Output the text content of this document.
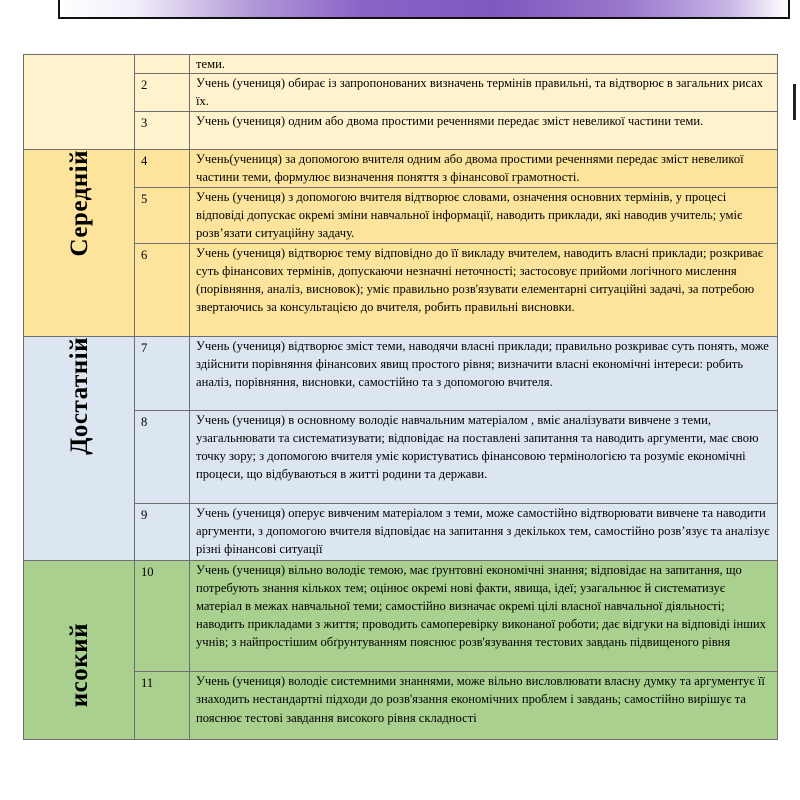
		теми.
	2	Учень (учениця) обирає із запропонованих визначень термінів правильні, та відтворює в загальних рисах їх.
	3	Учень (учениця) одним або двома простими реченнями передає зміст невеликої частини теми.
Середній	4	Учень(учениця) за допомогою вчителя одним або двома простими реченнями передає зміст невеликої частини теми, формулює визначення поняття з фінансової грамотності.
	5	Учень (учениця) з допомогою вчителя відтворює словами, означення основних термінів, у процесі відповіді допускає окремі зміни навчальної інформації, наводить приклади, які наводив учитель; уміє розв’язати ситуаційну задачу.
	6	Учень (учениця) відтворює тему відповідно до її викладу вчителем, наводить власні приклади; розкриває суть фінансових термінів, допускаючи незначні неточності; застосовує прийоми логічного мислення (порівняння, аналіз, висновок); уміє правильно розв'язувати елементарні ситуаційні задачі, за потребою звертаючись за консультацією до вчителя, робить правильні висновки.
Достатній	7	Учень (учениця) відтворює зміст теми, наводячи власні приклади; правильно розкриває суть понять, може здійснити порівняння фінансових явищ простого рівня; визначити власні економічні інтереси: робить аналіз, порівняння, висновки, самостійно та з допомогою вчителя.
	8	Учень (учениця) в основному володіє навчальним матеріалом , вміє аналізувати вивчене з теми, узагальнювати та систематизувати; відповідає на поставлені запитання та наводить аргументи, має свою точку зору; з допомогою вчителя уміє користуватись фінансовою термінологією та розуміє економічні процеси, що відбуваються в житті родини та держави.
	9	Учень (учениця) оперує вивченим матеріалом з теми, може самостійно відтворювати вивчене та наводити аргументи, з допомогою вчителя відповідає на запитання з декількох тем, самостійно розв’язує та аналізує різні фінансові ситуації

исокий	10	Учень (учениця) вільно володіє темою, має ґрунтовні економічні знання; відповідає на запитання, що потребують знання кількох тем; оцінює окремі нові факти, явища, ідеї; узагальнює й систематизує матеріал в межах навчальної теми; самостійно визначає окремі цілі власної навчальної діяльності; наводить прикладами з життя; проводить самоперевірку виконаної роботи; дає відгуки на відповіді інших учнів; з найпростішим обґрунтуванням пояснює розв'язування тестових завдань підвищеного рівня
	11	Учень (учениця) володіє системними знаннями, може вільно висловлювати власну думку та аргументує її знаходить нестандартні підходи до розв'язання економічних проблем і завдань; самостійно вирішує та пояснює тестові завдання високого рівня складності
